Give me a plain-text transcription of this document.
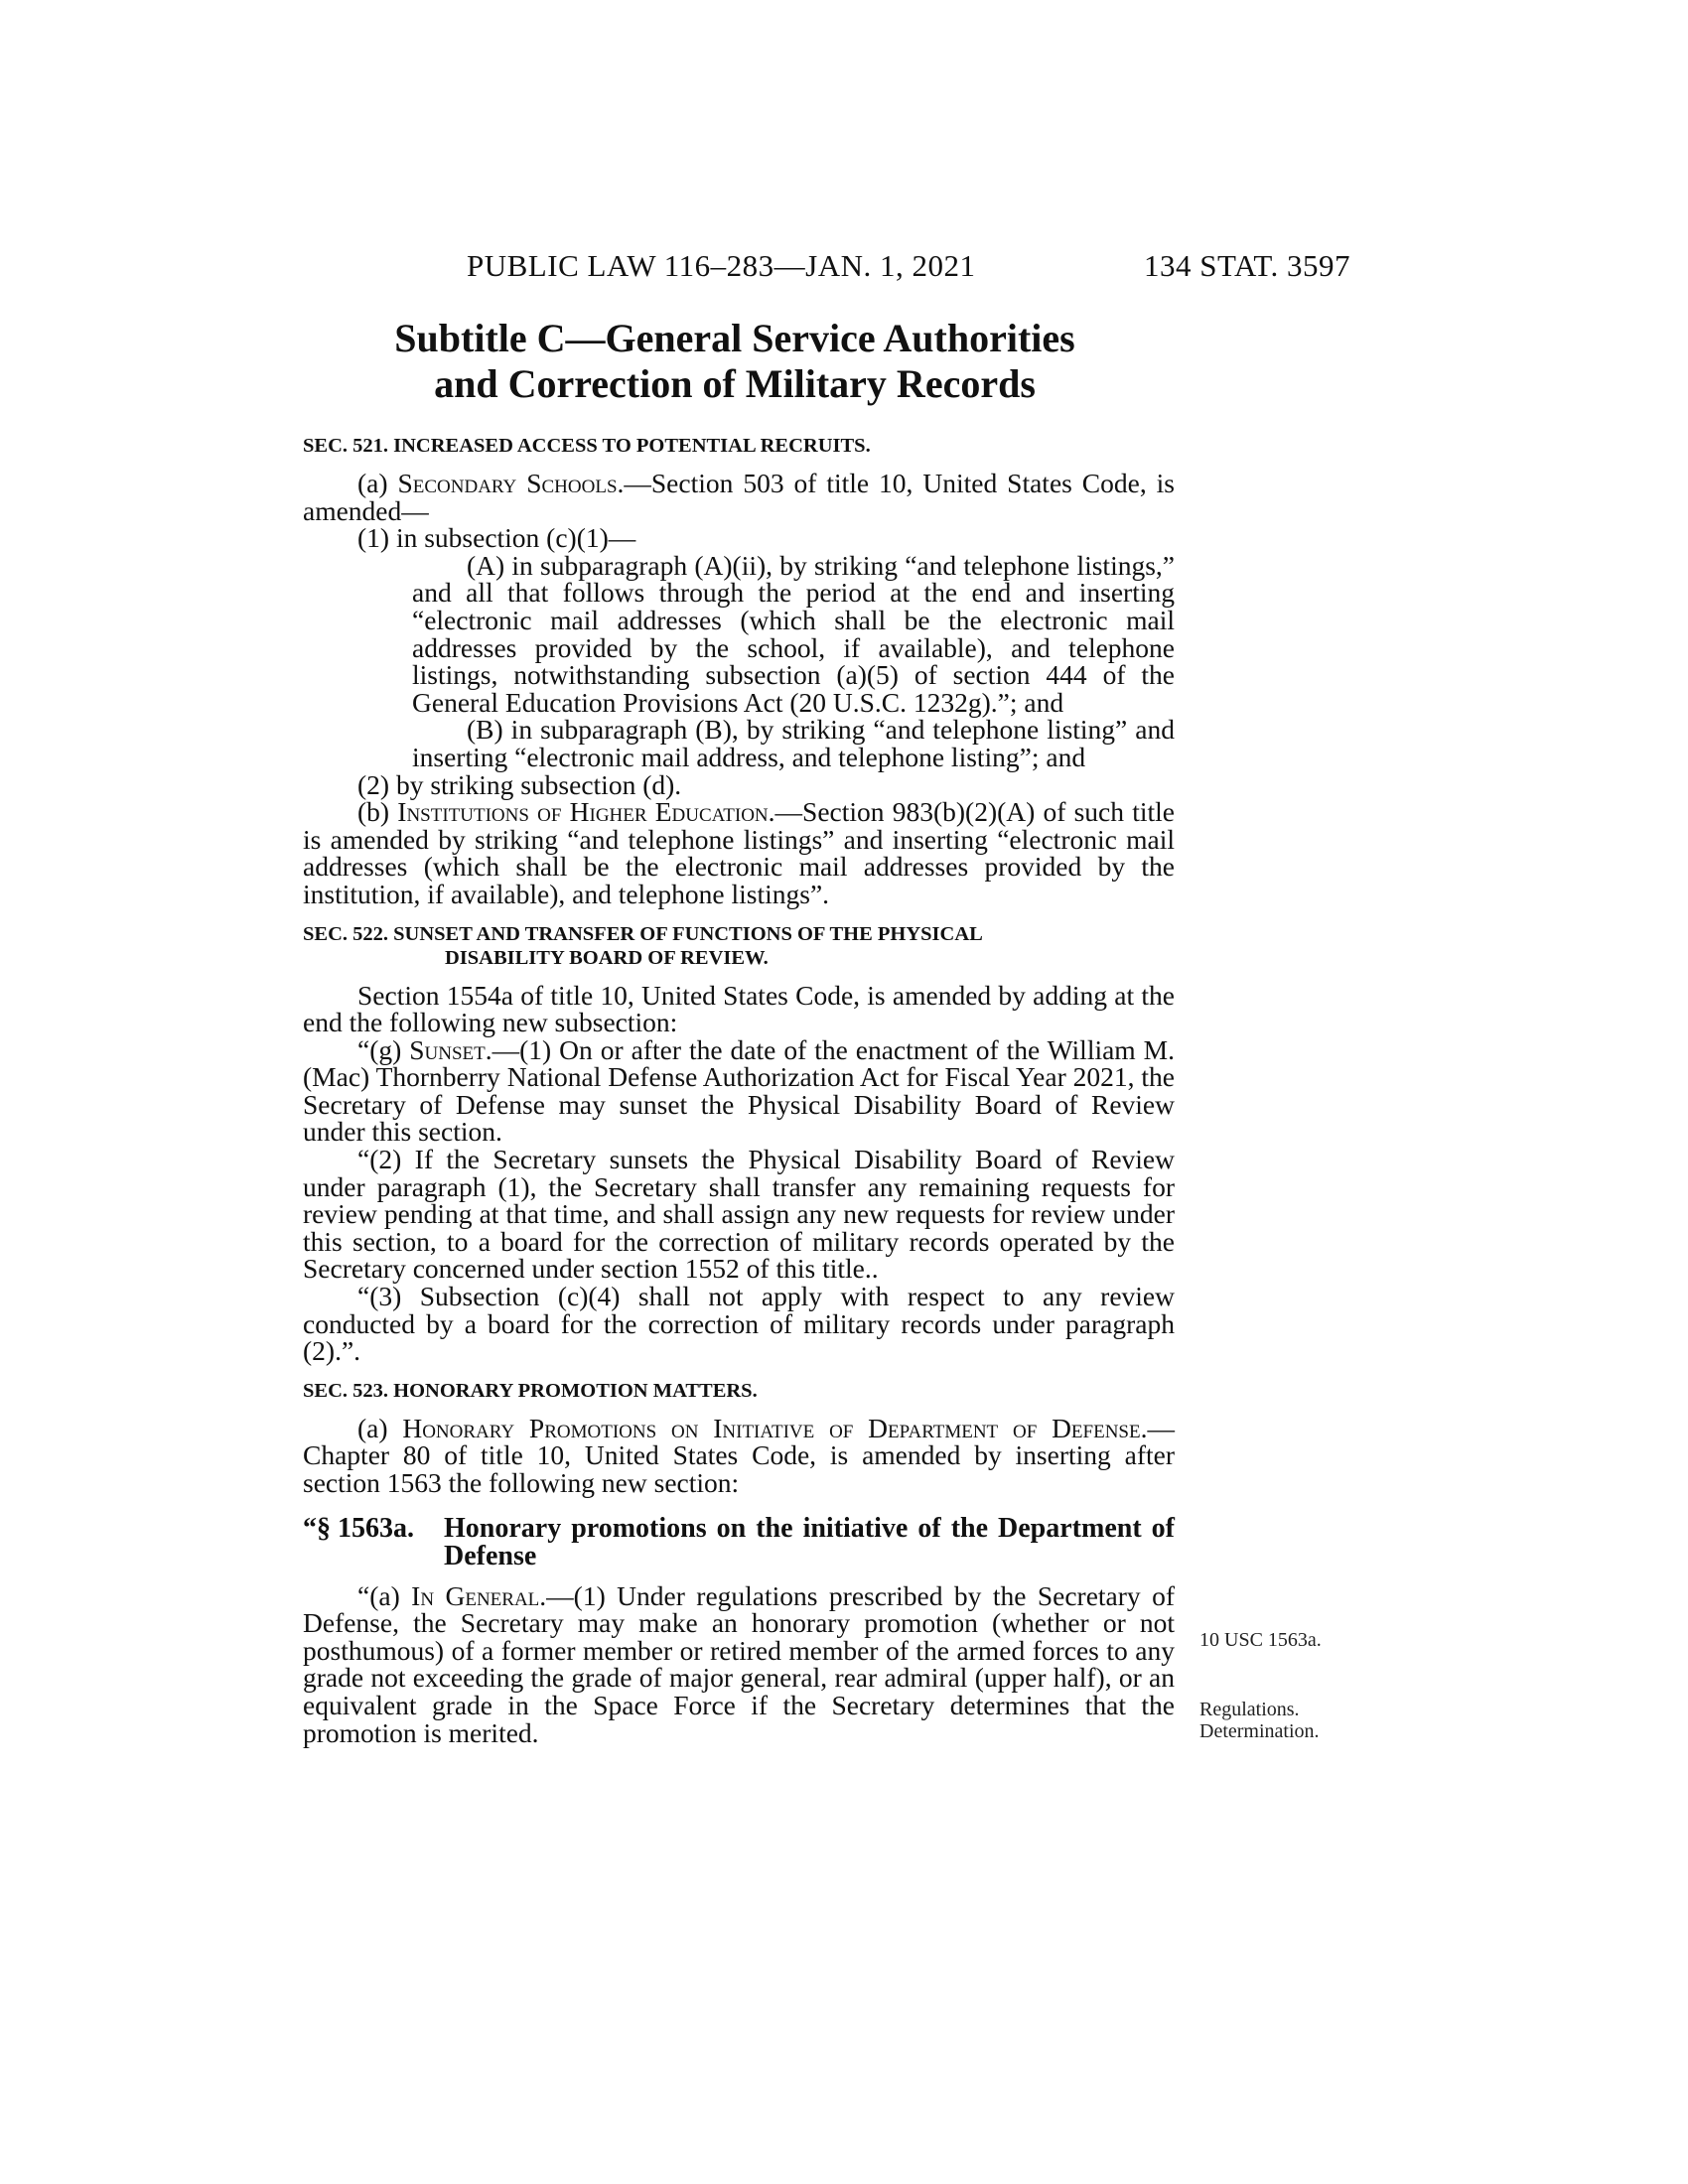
PUBLIC LAW 116–283—JAN. 1, 2021	134 STAT. 3597
Subtitle C—General Service Authorities
and Correction of Military Records

SEC. 521. INCREASED ACCESS TO POTENTIAL RECRUITS.

(a) Secondary Schools.—Section 503 of title 10, United States Code, is amended—

(1) in subsection (c)(1)—

(A) in subparagraph (A)(ii), by striking “and telephone listings,” and all that follows through the period at the end and inserting “electronic mail addresses (which shall be the electronic mail addresses provided by the school, if available), and telephone listings, notwithstanding subsection (a)(5) of section 444 of the General Education Provisions Act (20 U.S.C. 1232g).”; and

(B) in subparagraph (B), by striking “and telephone listing” and inserting “electronic mail address, and telephone listing”; and

(2) by striking subsection (d).

(b) Institutions of Higher Education.—Section 983(b)(2)(A) of such title is amended by striking “and telephone listings” and inserting “electronic mail addresses (which shall be the electronic mail addresses provided by the institution, if available), and telephone listings”.

SEC. 522. SUNSET AND TRANSFER OF FUNCTIONS OF THE PHYSICAL
DISABILITY BOARD OF REVIEW.

Section 1554a of title 10, United States Code, is amended by adding at the end the following new subsection:

“(g) Sunset.—(1) On or after the date of the enactment of the William M. (Mac) Thornberry National Defense Authorization Act for Fiscal Year 2021, the Secretary of Defense may sunset the Physical Disability Board of Review under this section.

“(2) If the Secretary sunsets the Physical Disability Board of Review under paragraph (1), the Secretary shall transfer any remaining requests for review pending at that time, and shall assign any new requests for review under this section, to a board for the correction of military records operated by the Secretary concerned under section 1552 of this title..

“(3) Subsection (c)(4) shall not apply with respect to any review conducted by a board for the correction of military records under paragraph (2).”.

SEC. 523. HONORARY PROMOTION MATTERS.

(a) Honorary Promotions on Initiative of Department of Defense.—Chapter 80 of title 10, United States Code, is amended by inserting after section 1563 the following new section:

“§ 1563a.	Honorary promotions on the initiative of the Department of Defense

“(a) In General.—(1) Under regulations prescribed by the Secretary of Defense, the Secretary may make an honorary promotion (whether or not posthumous) of a former member or retired member of the armed forces to any grade not exceeding the grade of major general, rear admiral (upper half), or an equivalent grade in the Space Force if the Secretary determines that the promotion is merited.

10 USC 1563a.
Regulations.
Determination.
